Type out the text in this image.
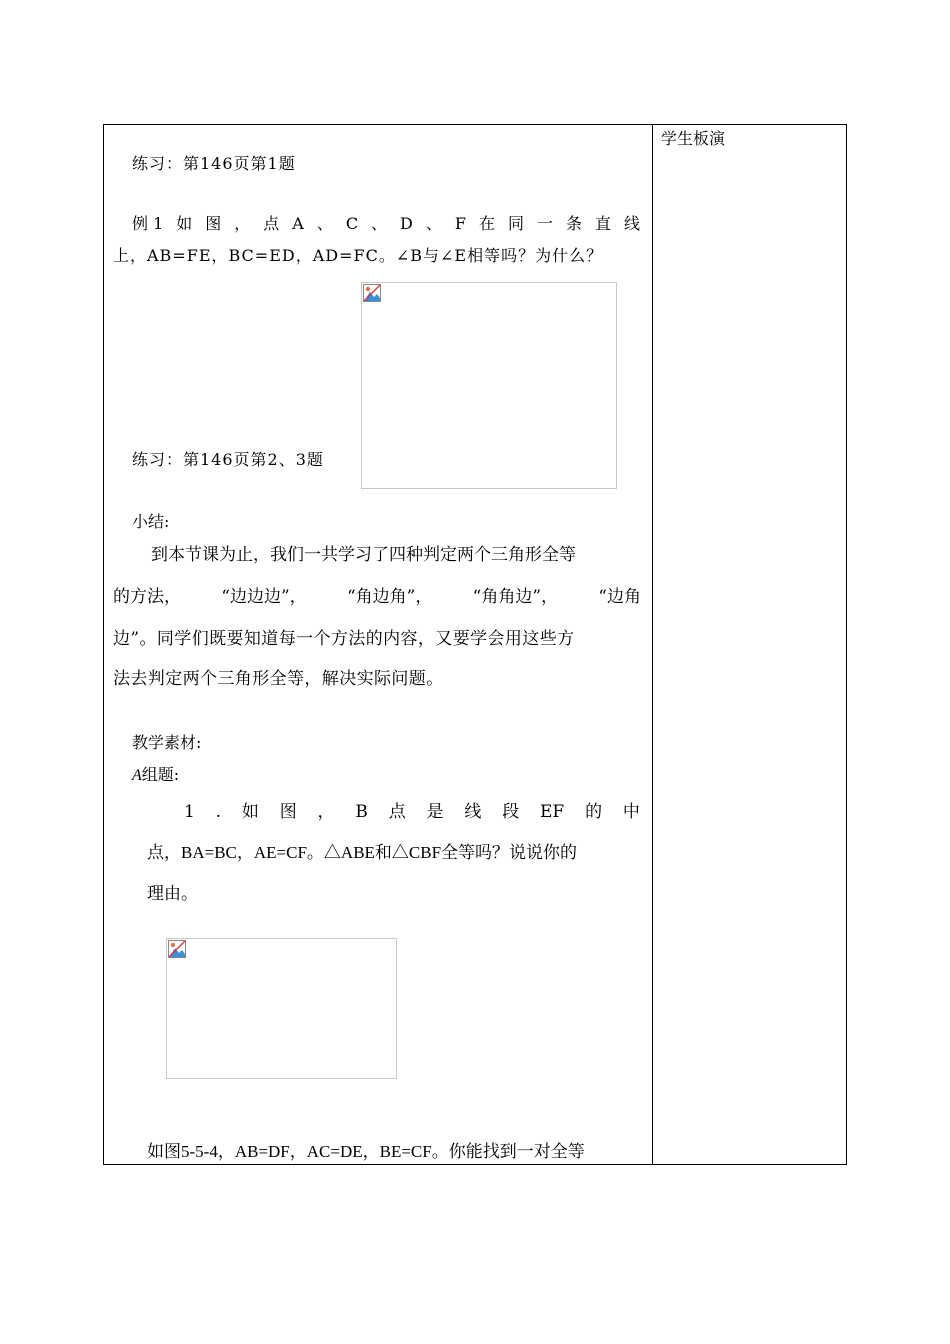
学生板演
练习：第146页第1题
例 1 如 图 ， 点 A 、 C 、 D 、 F 在 同 一 条 直 线
上，AB=FE，BC=ED，AD=FC。∠B与∠E相等吗？为什么？
练习：第146页第2、3题
小结:
到本节课为止，我们一共学习了四种判定两个三角形全等
的方法， “边边边”， “角边角”， “角角边”， “边角
边”。同学们既要知道每一个方法的内容，又要学会用这些方
法去判定两个三角形全等，解决实际问题。
教学素材:
A组题:
1 . 如 图 ， B 点 是 线 段 EF 的 中
点，BA=BC，AE=CF。△ABE和△CBF全等吗？说说你的
理由。
如图5-5-4，AB=DF，AC=DE，BE=CF。你能找到一对全等
